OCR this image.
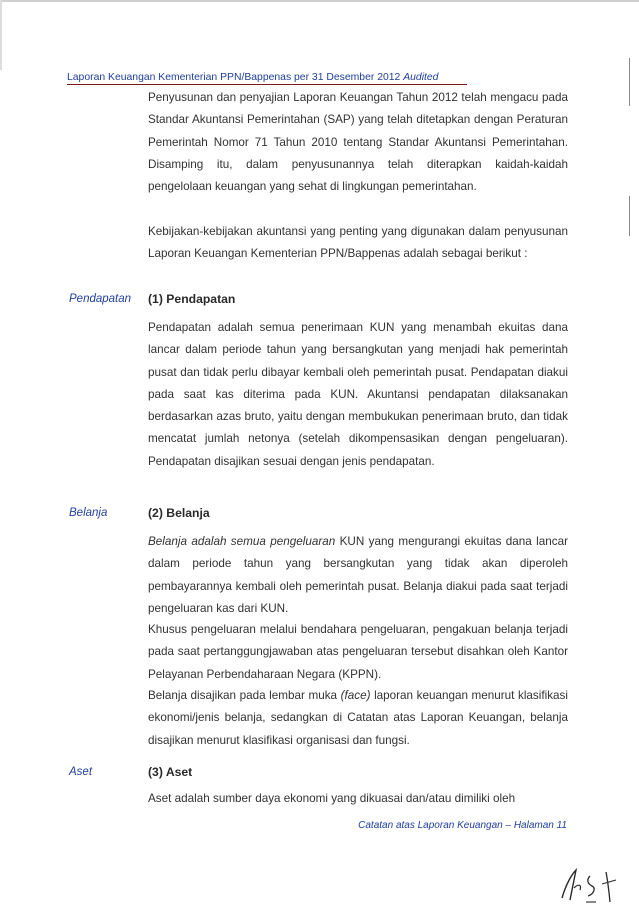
Laporan Keuangan Kementerian PPN/Bappenas per 31 Desember 2012 Audited
Penyusunan dan penyajian Laporan Keuangan Tahun 2012 telah mengacu pada Standar Akuntansi Pemerintahan (SAP) yang telah ditetapkan dengan Peraturan Pemerintah Nomor 71 Tahun 2010 tentang Standar Akuntansi Pemerintahan. Disamping itu, dalam penyusunannya telah diterapkan kaidah-kaidah pengelolaan keuangan yang sehat di lingkungan pemerintahan.
Kebijakan-kebijakan akuntansi yang penting yang digunakan dalam penyusunan Laporan Keuangan Kementerian PPN/Bappenas adalah sebagai berikut :
Pendapatan (1) Pendapatan
Pendapatan adalah semua penerimaan KUN yang menambah ekuitas dana lancar dalam periode tahun yang bersangkutan yang menjadi hak pemerintah pusat dan tidak perlu dibayar kembali oleh pemerintah pusat. Pendapatan diakui pada saat kas diterima pada KUN. Akuntansi pendapatan dilaksanakan berdasarkan azas bruto, yaitu dengan membukukan penerimaan bruto, dan tidak mencatat jumlah netonya (setelah dikompensasikan dengan pengeluaran). Pendapatan disajikan sesuai dengan jenis pendapatan.
Belanja	(2) Belanja
Belanja adalah semua pengeluaran KUN yang mengurangi ekuitas dana lancar dalam periode tahun yang bersangkutan yang tidak akan diperoleh pembayarannya kembali oleh pemerintah pusat. Belanja diakui pada saat terjadi pengeluaran kas dari KUN.
Khusus pengeluaran melalui bendahara pengeluaran, pengakuan belanja terjadi pada saat pertanggungjawaban atas pengeluaran tersebut disahkan oleh Kantor Pelayanan Perbendaharaan Negara (KPPN).
Belanja disajikan pada lembar muka (face) laporan keuangan menurut klasifikasi ekonomi/jenis belanja, sedangkan di Catatan atas Laporan Keuangan, belanja disajikan menurut klasifikasi organisasi dan fungsi.
Aset	(3) Aset
Aset adalah sumber daya ekonomi yang dikuasai dan/atau dimiliki oleh
Catatan atas Laporan Keuangan – Halaman 11
